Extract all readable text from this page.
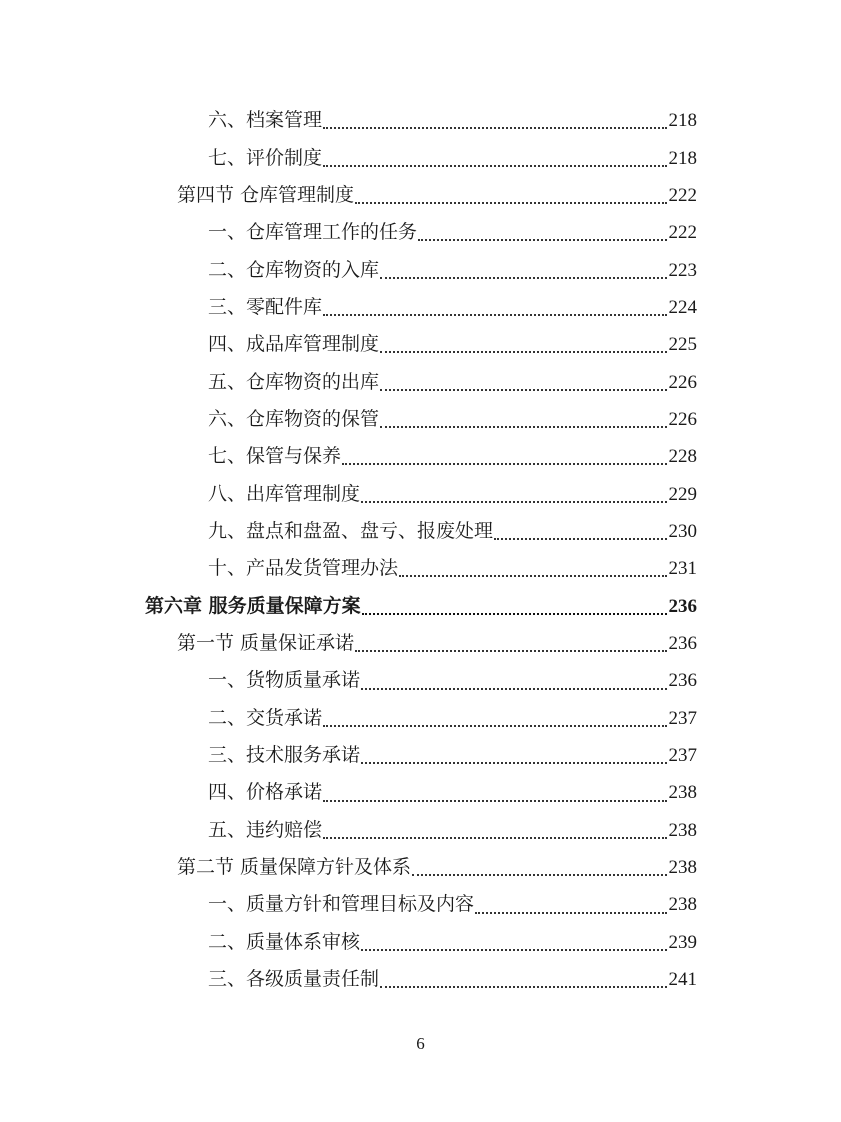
六、档案管理	218
七、评价制度	218
第四节 仓库管理制度	222
一、仓库管理工作的任务	222
二、仓库物资的入库	223
三、零配件库	224
四、成品库管理制度	225
五、仓库物资的出库	226
六、仓库物资的保管	226
七、保管与保养	228
八、出库管理制度	229
九、盘点和盘盈、盘亏、报废处理	230
十、产品发货管理办法	231
第六章 服务质量保障方案	236
第一节 质量保证承诺	236
一、货物质量承诺	236
二、交货承诺	237
三、技术服务承诺	237
四、价格承诺	238
五、违约赔偿	238
第二节 质量保障方针及体系	238
一、质量方针和管理目标及内容	238
二、质量体系审核	239
三、各级质量责任制	241
6
